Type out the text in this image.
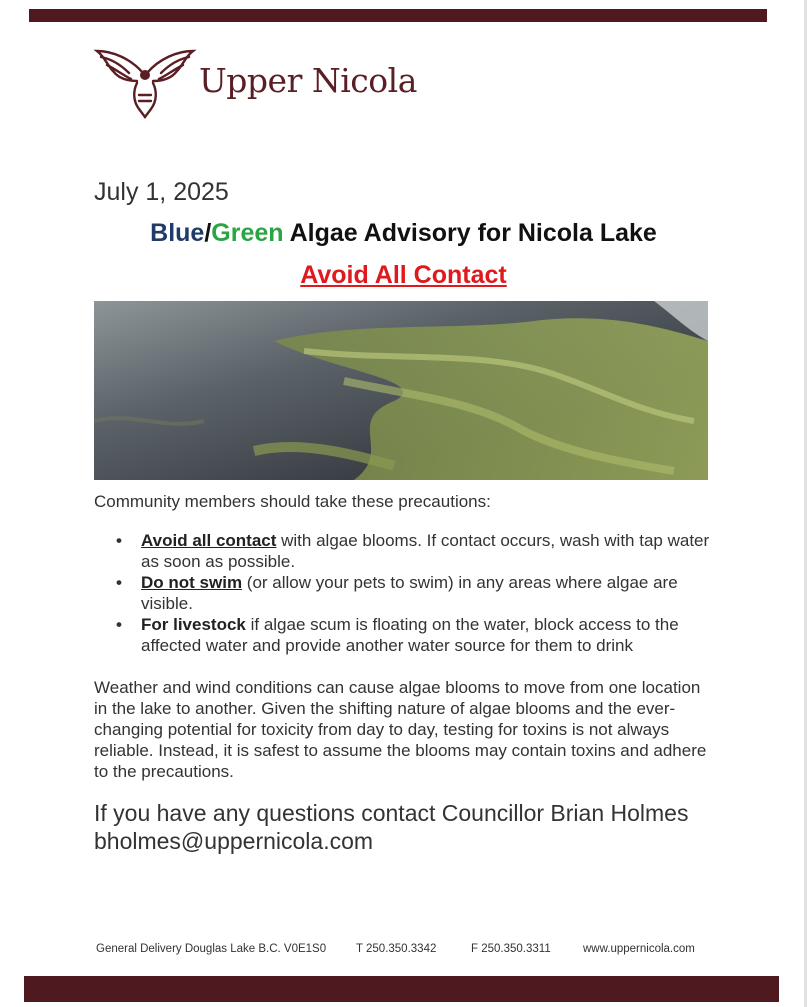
Upper Nicola
July 1, 2025
Blue/Green Algae Advisory for Nicola Lake
Avoid All Contact
Community members should take these precautions:
• Avoid all contact with algae blooms. If contact occurs, wash with tap water as soon as possible.
• Do not swim (or allow your pets to swim) in any areas where algae are visible.
• For livestock if algae scum is floating on the water, block access to the affected water and provide another water source for them to drink

Weather and wind conditions can cause algae blooms to move from one location in the lake to another. Given the shifting nature of algae blooms and the ever-changing potential for toxicity from day to day, testing for toxins is not always reliable. Instead, it is safest to assume the blooms may contain toxins and adhere to the precautions.

If you have any questions contact Councillor Brian Holmes
bholmes@uppernicola.com
General Delivery Douglas Lake B.C. V0E1S0	T 250.350.3342	F 250.350.3311	www.uppernicola.com
